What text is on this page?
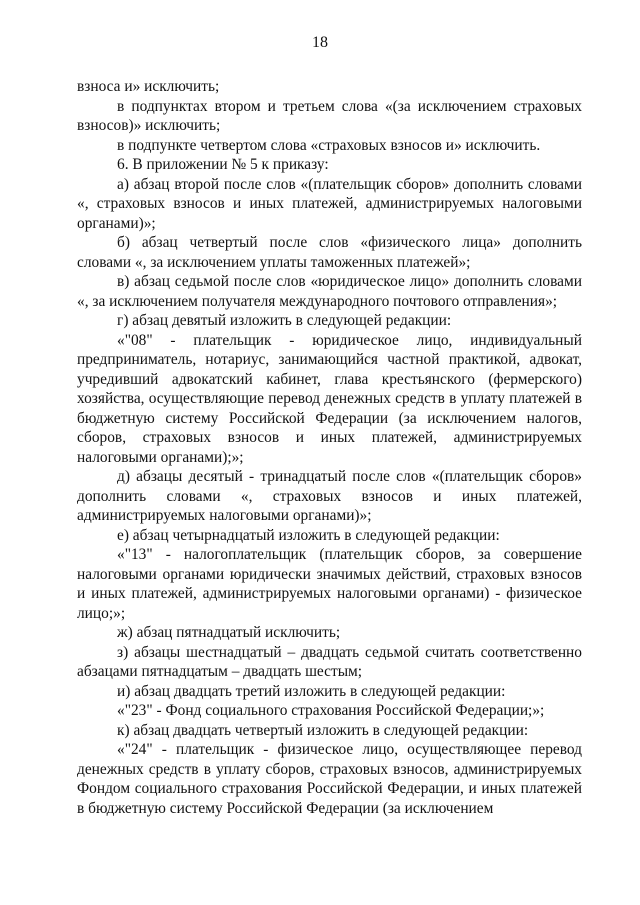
18

взноса и» исключить;

в подпунктах втором и третьем слова «(за исключением страховых взносов)» исключить;

в подпункте четвертом слова «страховых взносов и» исключить.

6. В приложении № 5 к приказу:

а) абзац второй после слов «(плательщик сборов» дополнить словами «, страховых взносов и иных платежей, администрируемых налоговыми органами)»;

б) абзац четвертый после слов «физического лица» дополнить словами «, за исключением уплаты таможенных платежей»;

в) абзац седьмой после слов «юридическое лицо» дополнить словами «, за исключением получателя международного почтового отправления»;

г) абзац девятый изложить в следующей редакции:

«"08" - плательщик - юридическое лицо, индивидуальный предприниматель, нотариус, занимающийся частной практикой, адвокат, учредивший адвокатский кабинет, глава крестьянского (фермерского) хозяйства, осуществляющие перевод денежных средств в уплату платежей в бюджетную систему Российской Федерации (за исключением налогов, сборов, страховых взносов и иных платежей, администрируемых налоговыми органами);»;

д) абзацы десятый - тринадцатый после слов «(плательщик сборов» дополнить словами «, страховых взносов и иных платежей, администрируемых налоговыми органами)»;

е) абзац четырнадцатый изложить в следующей редакции:

«"13" - налогоплательщик (плательщик сборов, за совершение налоговыми органами юридически значимых действий, страховых взносов и иных платежей, администрируемых налоговыми органами) - физическое лицо;»;

ж) абзац пятнадцатый исключить;

з) абзацы шестнадцатый – двадцать седьмой считать соответственно абзацами пятнадцатым – двадцать шестым;

и) абзац двадцать третий изложить в следующей редакции:

«"23" - Фонд социального страхования Российской Федерации;»;

к) абзац двадцать четвертый изложить в следующей редакции:

«"24" - плательщик - физическое лицо, осуществляющее перевод денежных средств в уплату сборов, страховых взносов, администрируемых Фондом социального страхования Российской Федерации, и иных платежей в бюджетную систему Российской Федерации (за исключением
